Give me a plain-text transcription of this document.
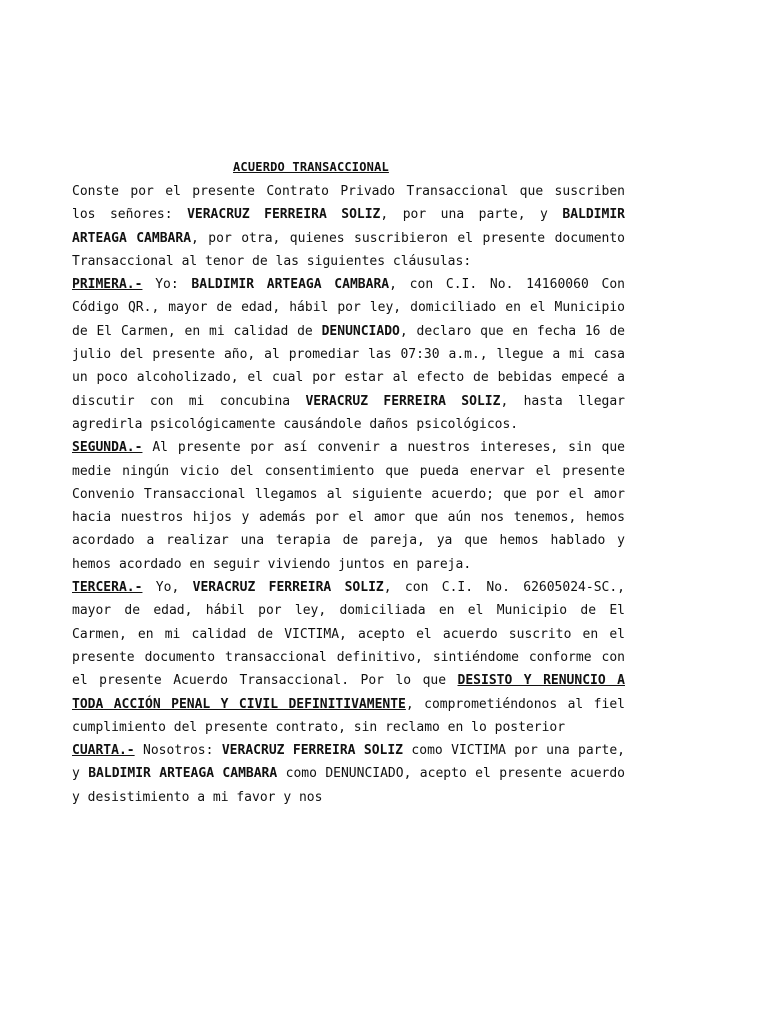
ACUERDO TRANSACCIONAL

Conste por el presente Contrato Privado Transaccional que suscriben los señores: VERACRUZ FERREIRA SOLIZ, por una parte, y BALDIMIR ARTEAGA CAMBARA, por otra, quienes suscribieron el presente documento Transaccional al tenor de las siguientes cláusulas:

PRIMERA.- Yo: BALDIMIR ARTEAGA CAMBARA, con C.I. No. 14160060 Con Código QR., mayor de edad, hábil por ley, domiciliado en el Municipio de El Carmen, en mi calidad de DENUNCIADO, declaro que en fecha 16 de julio del presente año, al promediar las 07:30 a.m., llegue a mi casa un poco alcoholizado, el cual por estar al efecto de bebidas empecé a discutir con mi concubina VERACRUZ FERREIRA SOLIZ, hasta llegar agredirla psicológicamente causándole daños psicológicos.

SEGUNDA.- Al presente por así convenir a nuestros intereses, sin que medie ningún vicio del consentimiento que pueda enervar el presente Convenio Transaccional llegamos al siguiente acuerdo; que por el amor hacia nuestros hijos y además por el amor que aún nos tenemos, hemos acordado a realizar una terapia de pareja, ya que hemos hablado y hemos acordado en seguir viviendo juntos en pareja.

TERCERA.- Yo, VERACRUZ FERREIRA SOLIZ, con C.I. No. 62605024-SC., mayor de edad, hábil por ley, domiciliada en el Municipio de El Carmen, en mi calidad de VICTIMA, acepto el acuerdo suscrito en el presente documento transaccional definitivo, sintiéndome conforme con el presente Acuerdo Transaccional. Por lo que DESISTO Y RENUNCIO A TODA ACCIÓN PENAL Y CIVIL DEFINITIVAMENTE, comprometiéndonos al fiel cumplimiento del presente contrato, sin reclamo en lo posterior

CUARTA.- Nosotros: VERACRUZ FERREIRA SOLIZ como VICTIMA por una parte, y BALDIMIR ARTEAGA CAMBARA como DENUNCIADO, acepto el presente acuerdo y desistimiento a mi favor y nos
